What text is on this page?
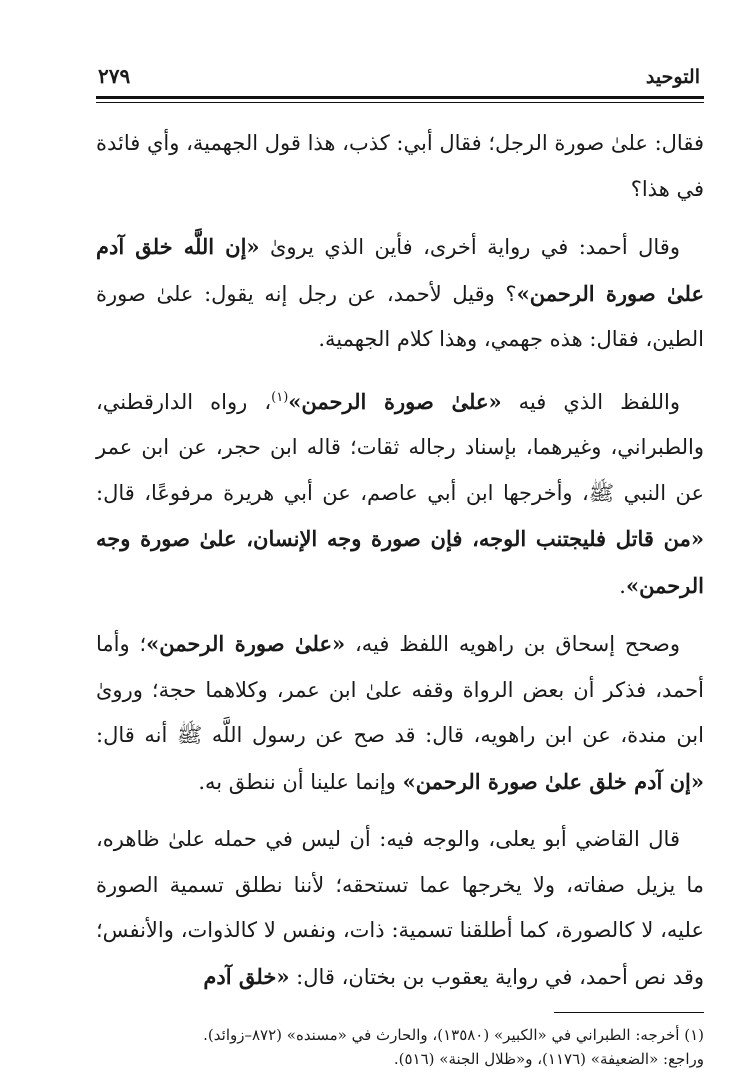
التوحيد
٢٧٩

فقال: علىٰ صورة الرجل؛ فقال أبي: كذب، هذا قول الجهمية، وأي فائدة في هذا؟

وقال أحمد: في رواية أخرى، فأين الذي يروىٰ «إن اللَّه خلق آدم علىٰ صورة الرحمن»؟ وقيل لأحمد، عن رجل إنه يقول: علىٰ صورة الطين، فقال: هذه جهمي، وهذا كلام الجهمية.

واللفظ الذي فيه «علىٰ صورة الرحمن»$^{(١)}$، رواه الدارقطني، والطبراني، وغيرهما، بإسناد رجاله ثقات؛ قاله ابن حجر، عن ابن عمر عن النبي ﷺ، وأخرجها ابن أبي عاصم، عن أبي هريرة مرفوعًا، قال: «من قاتل فليجتنب الوجه، فإن صورة وجه الإنسان، علىٰ صورة وجه الرحمن».

وصحح إسحاق بن راهويه اللفظ فيه، «علىٰ صورة الرحمن»؛ وأما أحمد، فذكر أن بعض الرواة وقفه علىٰ ابن عمر، وكلاهما حجة؛ وروىٰ ابن مندة، عن ابن راهويه، قال: قد صح عن رسول اللَّه ﷺ أنه قال: «إن آدم خلق علىٰ صورة الرحمن» وإنما علينا أن ننطق به.

قال القاضي أبو يعلى، والوجه فيه: أن ليس في حمله علىٰ ظاهره، ما يزيل صفاته، ولا يخرجها عما تستحقه؛ لأننا نطلق تسمية الصورة عليه، لا كالصورة، كما أطلقنا تسمية: ذات، ونفس لا كالذوات، والأنفس؛ وقد نص أحمد، في رواية يعقوب بن بختان، قال: «خلق آدم

(١) أخرجه: الطبراني في «الكبير» (١٣٥٨٠)، والحارث في «مسنده» (٨٧٢–زوائد).
وراجع: «الضعيفة» (١١٧٦)، و«ظلال الجنة» (٥١٦).
